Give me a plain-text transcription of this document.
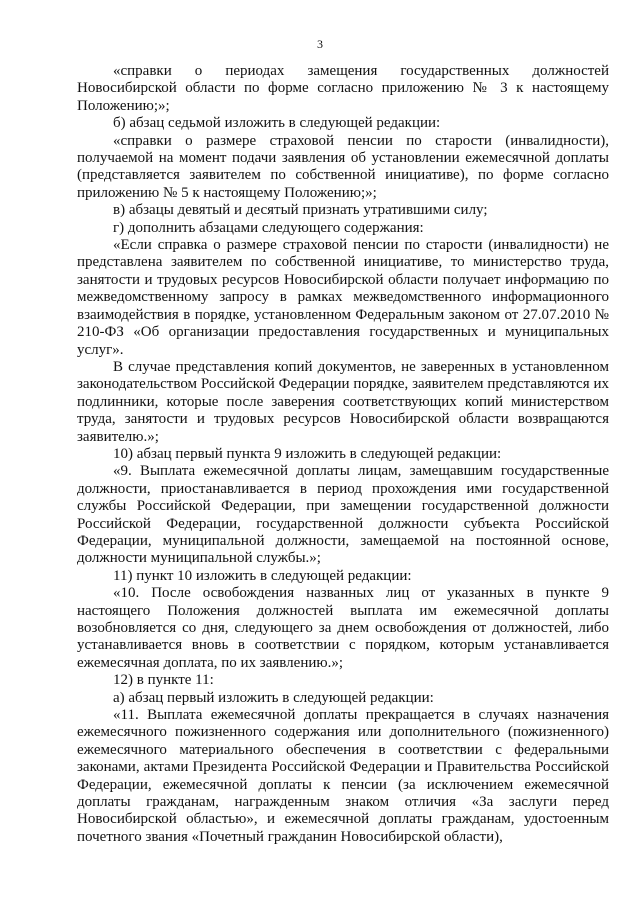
3

«справки о периодах замещения государственных должностей Новосибирской области по форме согласно приложению № 3 к настоящему Положению;»;

б) абзац седьмой изложить в следующей редакции:

«справки о размере страховой пенсии по старости (инвалидности), получаемой на момент подачи заявления об установлении ежемесячной доплаты (представляется заявителем по собственной инициативе), по форме согласно приложению № 5 к настоящему Положению;»;

в) абзацы девятый и десятый признать утратившими силу;

г) дополнить абзацами следующего содержания:

«Если справка о размере страховой пенсии по старости (инвалидности) не представлена заявителем по собственной инициативе, то министерство труда, занятости и трудовых ресурсов Новосибирской области получает информацию по межведомственному запросу в рамках межведомственного информационного взаимодействия в порядке, установленном Федеральным законом от 27.07.2010 № 210-ФЗ «Об организации предоставления государственных и муниципальных услуг».

В случае представления копий документов, не заверенных в установленном законодательством Российской Федерации порядке, заявителем представляются их подлинники, которые после заверения соответствующих копий министерством труда, занятости и трудовых ресурсов Новосибирской области возвращаются заявителю.»;

10) абзац первый пункта 9 изложить в следующей редакции:

«9. Выплата ежемесячной доплаты лицам, замещавшим государственные должности, приостанавливается в период прохождения ими государственной службы Российской Федерации, при замещении государственной должности Российской Федерации, государственной должности субъекта Российской Федерации, муниципальной должности, замещаемой на постоянной основе, должности муниципальной службы.»;

11) пункт 10 изложить в следующей редакции:

«10. После освобождения названных лиц от указанных в пункте 9 настоящего Положения должностей выплата им ежемесячной доплаты возобновляется со дня, следующего за днем освобождения от должностей, либо устанавливается вновь в соответствии с порядком, которым устанавливается ежемесячная доплата, по их заявлению.»;

12) в пункте 11:

а) абзац первый изложить в следующей редакции:

«11. Выплата ежемесячной доплаты прекращается в случаях назначения ежемесячного пожизненного содержания или дополнительного (пожизненного) ежемесячного материального обеспечения в соответствии с федеральными законами, актами Президента Российской Федерации и Правительства Российской Федерации, ежемесячной доплаты к пенсии (за исключением ежемесячной доплаты гражданам, награжденным знаком отличия «За заслуги перед Новосибирской областью», и ежемесячной доплаты гражданам, удостоенным почетного звания «Почетный гражданин Новосибирской области),
